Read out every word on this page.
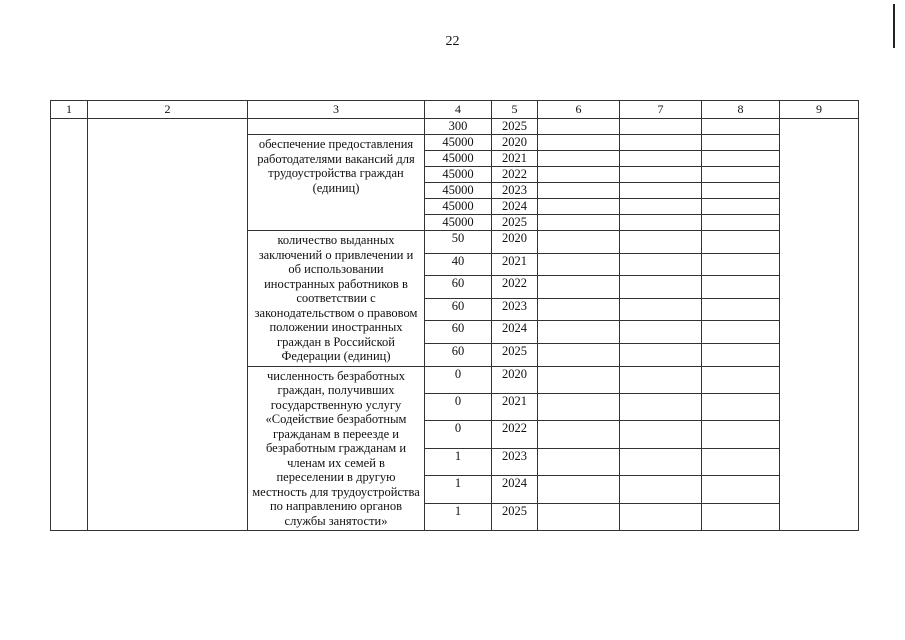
22
1	2	3	4	5	6	7	8	9
			300	2025				
		обеспечение предоставления работодателями вакансий для трудоустройства граждан (единиц)	45000	2020				
			45000	2021				
			45000	2022				
			45000	2023				
			45000	2024				
			45000	2025				
		количество выданных заключений о привлечении и об использовании иностранных работников в соответствии с законодательством о правовом положении иностранных граждан в Российской Федерации (единиц)	50	2020				
			40	2021				
			60	2022				
			60	2023				
			60	2024				
			60	2025				
		численность безработных граждан, получивших государственную услугу «Содействие безработным гражданам в переезде и безработным гражданам и членам их семей в переселении в другую местность для трудоустройства по направлению органов службы занятости»	0	2020				
			0	2021				
			0	2022				
			1	2023				
			1	2024				
			1	2025				
